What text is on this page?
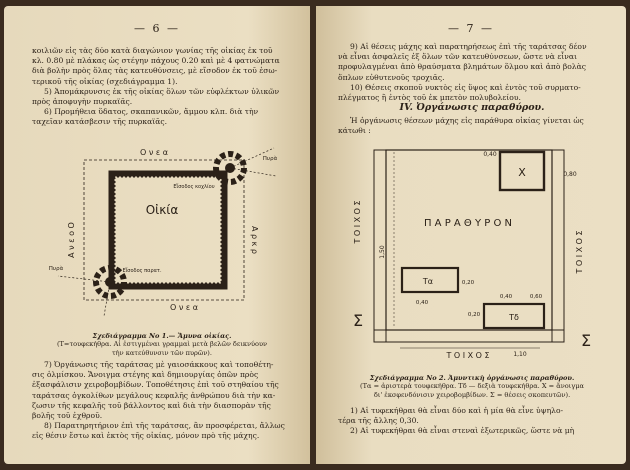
— 6 —

κοιλιῶν εἰς τὰς δύο κατὰ διαγώνιον γωνίας τῆς οἰκίας ἐκ τοῦ

κλ. 0.80 μὲ πλάκας ὡς στέγην πάχους 0.20 καὶ μὲ 4 φατνώματα

διὰ βολὴν πρὸς ὅλας τὰς κατευθύνσεις, μὲ εἴσοδον ἐκ τοῦ ἐσω-

τερικοῦ τῆς οἰκίας (σχεδιάγραμμα 1).

5) Ἀπομάκρυνσις ἐκ τῆς οἰκίας ὅλων τῶν εὐφλέκτων ὑλικῶν

πρὸς ἀποφυγὴν πυρκαϊᾶς.

6) Προμήθεια ὕδατος, σκαπανικῶν, ἄμμου κλπ. διὰ τὴν

ταχεῖαν κατάσβεσιν τῆς πυρκαϊᾶς.

Οἰκία
Ο ν ε α
Α ν ε ο Ο	Α ρ κ ρ
Ο ν ε α
Εἴσοδος κοχλίου
Εἴσοδος παρατ.
Πυρὰ
Πυρὰ
Σχεδιάγραμμα Νο 1.— Ἄμυνα οἰκίας.
(Τ=τουφεκήθρα. Αἱ ἐστιγμέναι γραμμαὶ μετὰ βελῶν δεικνύουν
τὴν κατεύθυνσιν τῶν πυρῶν).

7) Ὀργάνωσις τῆς ταράτσας μὲ γαιοσάκκους καὶ τοποθέτη-

σις ὁλμίσκου. Ἄνοιγμα στέγης καὶ δημιουργίας ὀπῶν πρὸς

ἐξασφάλισιν χειροβομβίδων. Τοποθέτησις ἐπὶ τοῦ στηθαίου τῆς

ταράτσας ὀγκολίθων μεγάλους κεφαλῆς ἀνθρώπου διὰ τὴν κα-

ζωσιν τῆς κεφαλῆς τοῦ βάλλοντος καὶ διὰ τὴν διασπορὰν τῆς

βολῆς τοῦ ἐχθροῦ.

8) Παρατηρητήριον ἐπὶ τῆς ταράτσας, ἂν προσφέρεται, ἄλλως

εἰς θέσιν ἔστω καὶ ἐκτὸς τῆς οἰκίας, μόνον πρὸ τῆς μάχης.

— 7 —

9) Αἱ θέσεις μάχης καὶ παρατηρήσεως ἐπὶ τῆς ταράτσας δέον

νὰ εἶναι ἀσφαλεῖς ἐξ ὅλων τῶν κατευθύνσεων, ὥστε νὰ εἶναι

προφυλαγμέναι ἀπὸ θραύσματα βλημάτων ὅλμου καὶ ἀπὸ βολὰς

ὅπλων εὐθυτενοῦς τροχιᾶς.

10) Θέσεις σκοποῦ νυκτὸς εἰς ὕψος καὶ ἐντὸς τοῦ συρματο-

πλέγματος ἢ ἐντὸς τοῦ ἐκ μπετὸν πολυβολείου.

IV. Ὀργάνωσις παραθύρου.

Ἡ ὀργάνωσις θέσεων μάχης εἰς παράθυρα οἰκίας γίνεται ὡς

κάτωθι :

Χ	0,80
0,40
Π Α Ρ Α Θ Υ Ρ Ο Ν
Τα
0,40
0,20
Τδ
0,40
0,20
0,60
1,50
1,10
Τ Ο Ι Χ Ο Σ
Τ Ο Ι Χ Ο Σ
Τ Ο Ι Χ Ο Σ
Σ
Σ
Σχεδιάγραμμα Νο 2. Ἀμυντικὴ ὀργάνωσις παραθύρου.
(Τα = ἀριστερὰ τουφεκήθρα. Τδ — δεξιὰ τουφεκήθρα. Χ = ἄνοιγμα
δι' ἐκσφενδόνισιν χειροβομβίδων. Σ = θέσεις σκοπευτῶν).

1) Αἱ τυφεκήθραι θὰ εἶναι δύο καὶ ἡ μία θὰ εἶνε ὑψηλο-

τέρα τῆς ἄλλης 0,30.

2) Αἱ τυφεκήθραι θὰ εἶναι στεναὶ ἐξωτερικῶς, ὥστε νὰ μὴ
